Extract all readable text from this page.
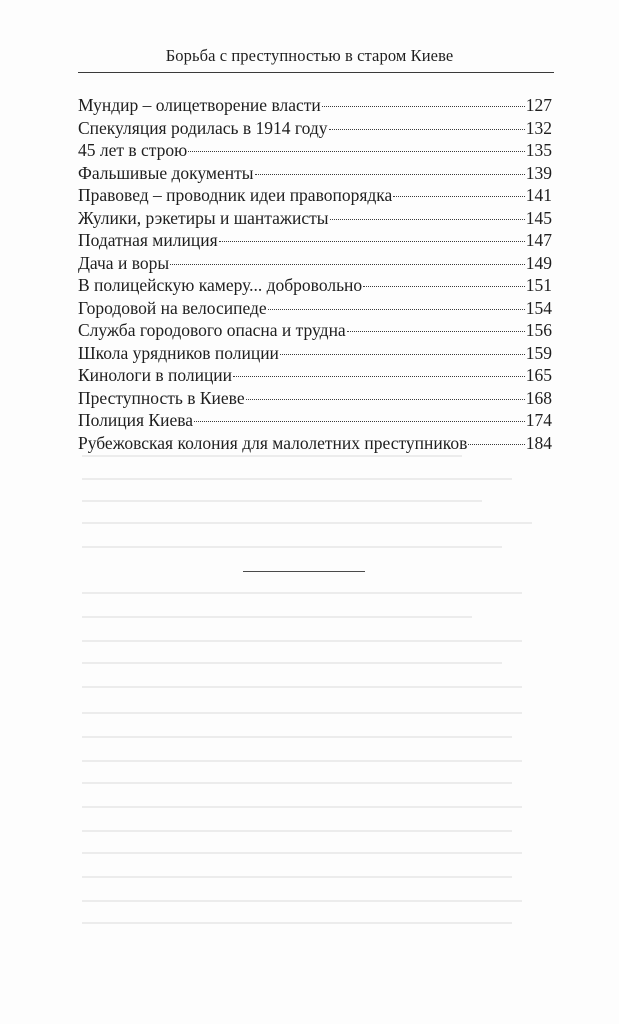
Борьба с преступностью в старом Киеве
Мундир – олицетворение власти	127
Спекуляция родилась в 1914 году	132
45 лет в строю	135
Фальшивые документы	139
Правовед – проводник идеи правопорядка	141
Жулики, рэкетиры и шантажисты	145
Податная милиция	147
Дача и воры	149
В полицейскую камеру... добровольно	151
Городовой на велосипеде	154
Служба городового опасна и трудна	156
Школа урядников полиции	159
Кинологи в полиции	165
Преступность в Киеве	168
Полиция Киева	174
Рубежовская колония для малолетних преступников	184
